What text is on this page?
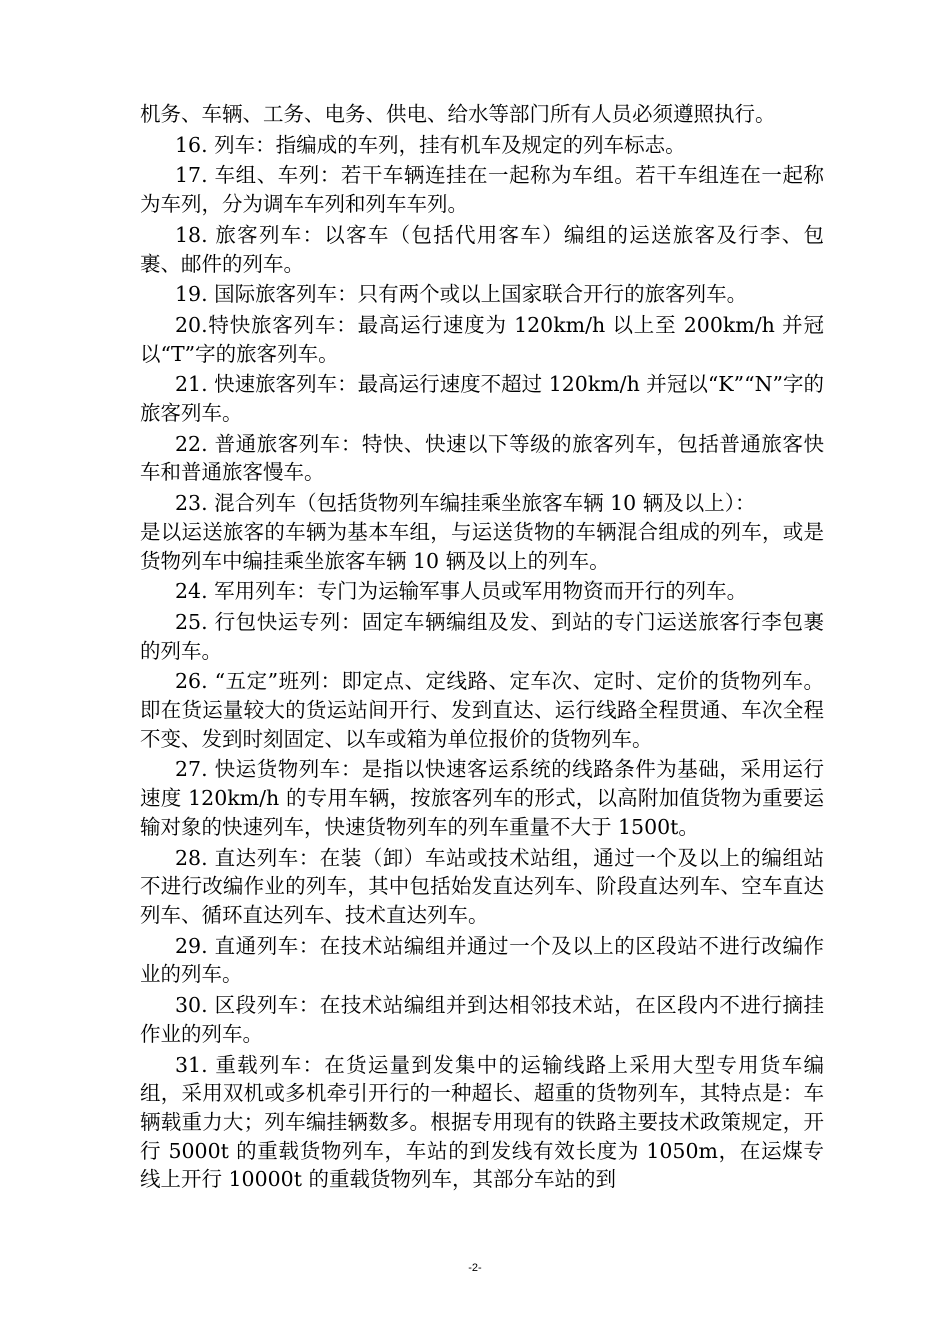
机务、车辆、工务、电务、供电、给水等部门所有人员必须遵照执行。

16. 列车：指编成的车列，挂有机车及规定的列车标志。

17. 车组、车列：若干车辆连挂在一起称为车组。若干车组连在一起称为车列，分为调车车列和列车车列。

18. 旅客列车：以客车（包括代用客车）编组的运送旅客及行李、包裹、邮件的列车。

19. 国际旅客列车：只有两个或以上国家联合开行的旅客列车。

20.特快旅客列车：最高运行速度为 120km/h 以上至 200km/h 并冠以“T”字的旅客列车。

21. 快速旅客列车：最高运行速度不超过 120km/h 并冠以“K”“N”字的旅客列车。

22. 普通旅客列车：特快、快速以下等级的旅客列车，包括普通旅客快车和普通旅客慢车。

23. 混合列车（包括货物列车编挂乘坐旅客车辆 10 辆及以上）：

是以运送旅客的车辆为基本车组，与运送货物的车辆混合组成的列车，或是货物列车中编挂乘坐旅客车辆 10 辆及以上的列车。

24. 军用列车：专门为运输军事人员或军用物资而开行的列车。

25. 行包快运专列：固定车辆编组及发、到站的专门运送旅客行李包裹的列车。

26. “五定”班列：即定点、定线路、定车次、定时、定价的货物列车。即在货运量较大的货运站间开行、发到直达、运行线路全程贯通、车次全程不变、发到时刻固定、以车或箱为单位报价的货物列车。

27. 快运货物列车：是指以快速客运系统的线路条件为基础，采用运行速度 120km/h 的专用车辆，按旅客列车的形式，以高附加值货物为重要运输对象的快速列车，快速货物列车的列车重量不大于 1500t。

28. 直达列车：在装（卸）车站或技术站组，通过一个及以上的编组站不进行改编作业的列车，其中包括始发直达列车、阶段直达列车、空车直达列车、循环直达列车、技术直达列车。

29. 直通列车：在技术站编组并通过一个及以上的区段站不进行改编作业的列车。

30. 区段列车：在技术站编组并到达相邻技术站，在区段内不进行摘挂作业的列车。

31. 重载列车：在货运量到发集中的运输线路上采用大型专用货车编组，采用双机或多机牵引开行的一种超长、超重的货物列车，其特点是：车辆载重力大；列车编挂辆数多。根据专用现有的铁路主要技术政策规定，开行 5000t 的重载货物列车，车站的到发线有效长度为 1050m，在运煤专线上开行 10000t 的重载货物列车，其部分车站的到

-2-
